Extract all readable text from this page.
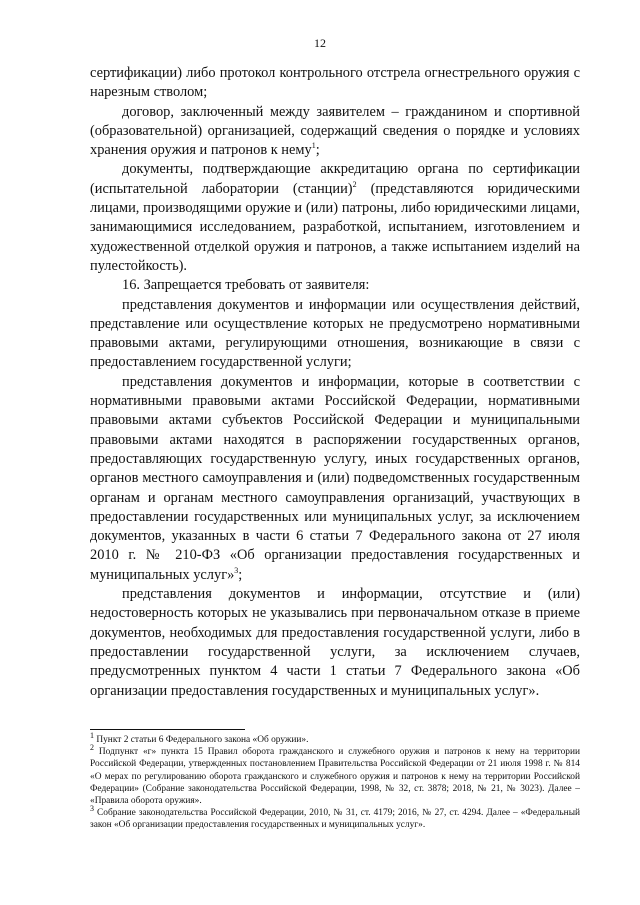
12

сертификации) либо протокол контрольного отстрела огнестрельного оружия с нарезным стволом;

договор, заключенный между заявителем – гражданином и спортивной (образовательной) организацией, содержащий сведения о порядке и условиях хранения оружия и патронов к нему$^1$;

документы, подтверждающие аккредитацию органа по сертификации (испытательной лаборатории (станции)$^2$ (представляются юридическими лицами, производящими оружие и (или) патроны, либо юридическими лицами, занимающимися исследованием, разработкой, испытанием, изготовлением и художественной отделкой оружия и патронов, а также испытанием изделий на пулестойкость).

16. Запрещается требовать от заявителя:

представления документов и информации или осуществления действий, представление или осуществление которых не предусмотрено нормативными правовыми актами, регулирующими отношения, возникающие в связи с предоставлением государственной услуги;

представления документов и информации, которые в соответствии с нормативными правовыми актами Российской Федерации, нормативными правовыми актами субъектов Российской Федерации и муниципальными правовыми актами находятся в распоряжении государственных органов, предоставляющих государственную услугу, иных государственных органов, органов местного самоуправления и (или) подведомственных государственным органам и органам местного самоуправления организаций, участвующих в предоставлении государственных или муниципальных услуг, за исключением документов, указанных в части 6 статьи 7 Федерального закона от 27 июля 2010 г. № 210-ФЗ «Об организации предоставления государственных и муниципальных услуг»$^3$;

представления документов и информации, отсутствие и (или) недостоверность которых не указывались при первоначальном отказе в приеме документов, необходимых для предоставления государственной услуги, либо в предоставлении государственной услуги, за исключением случаев, предусмотренных пунктом 4 части 1 статьи 7 Федерального закона «Об организации предоставления государственных и муниципальных услуг».

$^1$ Пункт 2 статьи 6 Федерального закона «Об оружии».

$^2$ Подпункт «г» пункта 15 Правил оборота гражданского и служебного оружия и патронов к нему на территории Российской Федерации, утвержденных постановлением Правительства Российской Федерации от 21 июля 1998 г. № 814 «О мерах по регулированию оборота гражданского и служебного оружия и патронов к нему на территории Российской Федерации» (Собрание законодательства Российской Федерации, 1998, № 32, ст. 3878; 2018, № 21, № 3023). Далее – «Правила оборота оружия».

$^3$ Собрание законодательства Российской Федерации, 2010, № 31, ст. 4179; 2016, № 27, ст. 4294. Далее – «Федеральный закон «Об организации предоставления государственных и муниципальных услуг».
